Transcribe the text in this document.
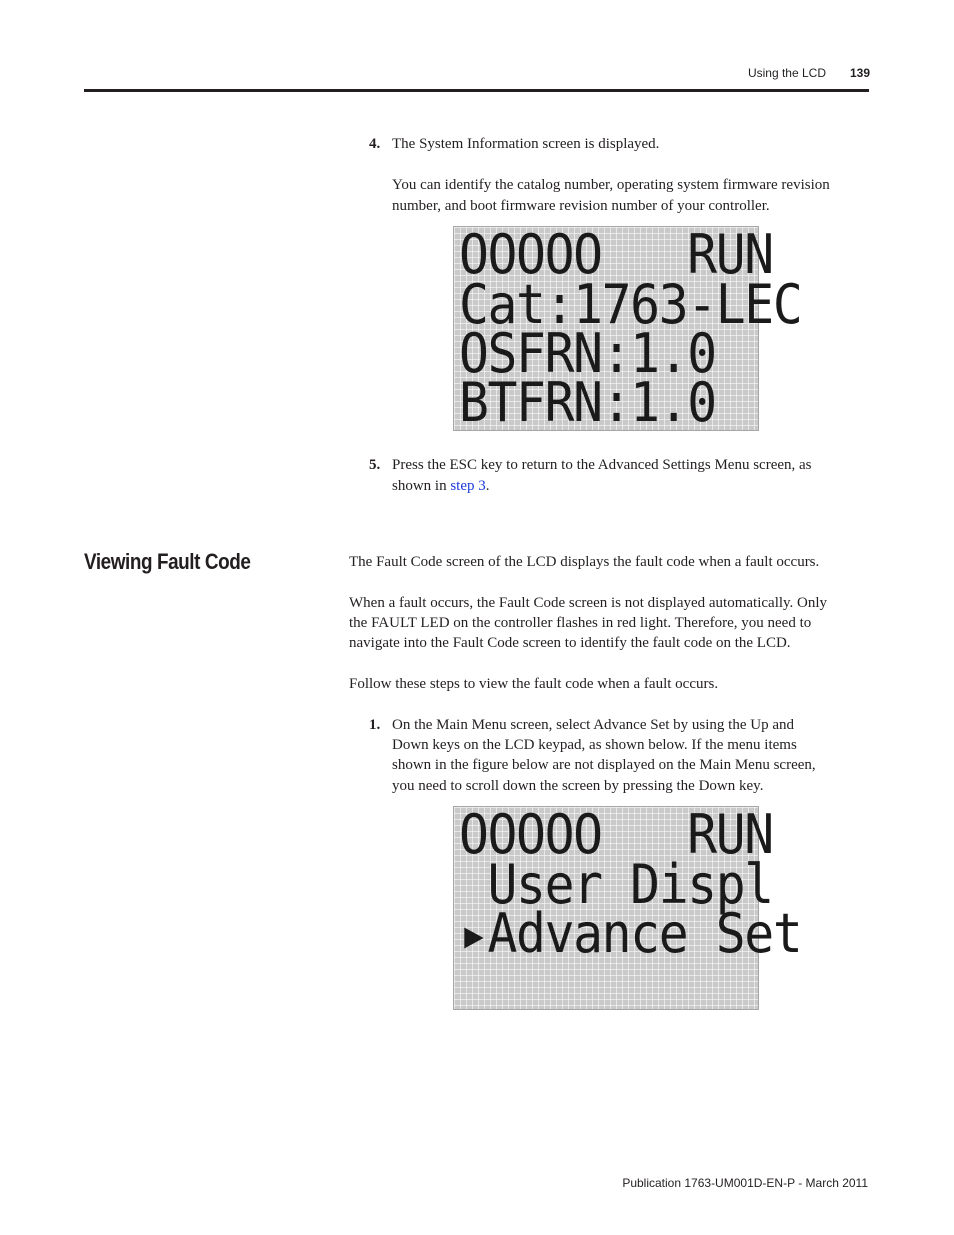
Using the LCD 139
4. The System Information screen is displayed.
You can identify the catalog number, operating system firmware revision
number, and boot firmware revision number of your controller.
OOOOO   RUN
Cat:1763-LEC
OSFRN:1.0
BTFRN:1.0
5. Press the ESC key to return to the Advanced Settings Menu screen, as
shown in step 3.
Viewing Fault Code	The Fault Code screen of the LCD displays the fault code when a fault occurs.
When a fault occurs, the Fault Code screen is not displayed automatically. Only
the FAULT LED on the controller flashes in red light. Therefore, you need to
navigate into the Fault Code screen to identify the fault code on the LCD.
Follow these steps to view the fault code when a fault occurs.
1. On the Main Menu screen, select Advance Set by using the Up and
Down keys on the LCD keypad, as shown below. If the menu items
shown in the figure below are not displayed on the Main Menu screen,
you need to scroll down the screen by pressing the Down key.
OOOOO   RUN
User Displ
▸Advance Set
Publication 1763-UM001D-EN-P - March 2011
